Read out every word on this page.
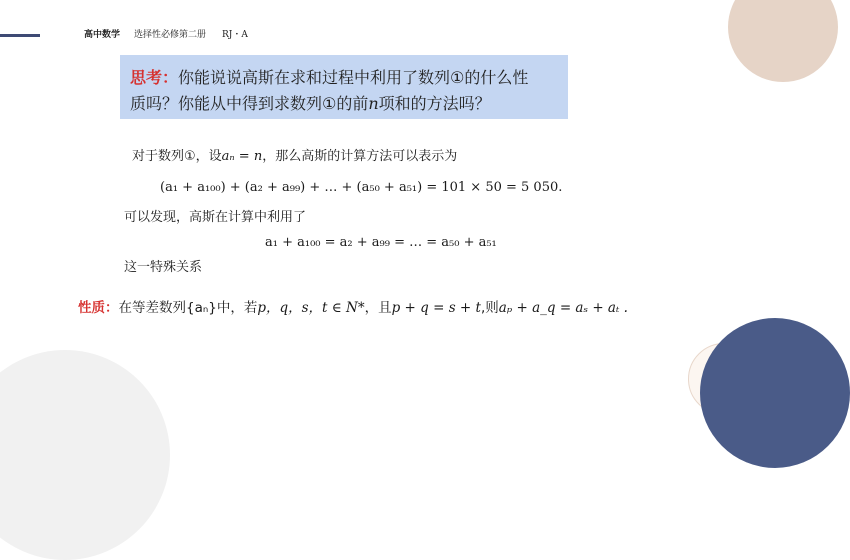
高中数学 选择性必修第二册 RJ・A
思考：你能说说高斯在求和过程中利用了数列①的什么性
质吗？你能从中得到求数列①的前n项和的方法吗？
对于数列①，设aₙ = n，那么高斯的计算方法可以表示为
(a₁ + a₁₀₀) + (a₂ + a₉₉) + … + (a₅₀ + a₅₁) = 101 × 50 = 5 050.
可以发现，高斯在计算中利用了
a₁ + a₁₀₀ = a₂ + a₉₉ = … = a₅₀ + a₅₁
这一特殊关系
性质：在等差数列{aₙ}中，若p，q，s，t ∈ N*，且p + q = s + t,则aₚ + a_q = aₛ + aₜ .
